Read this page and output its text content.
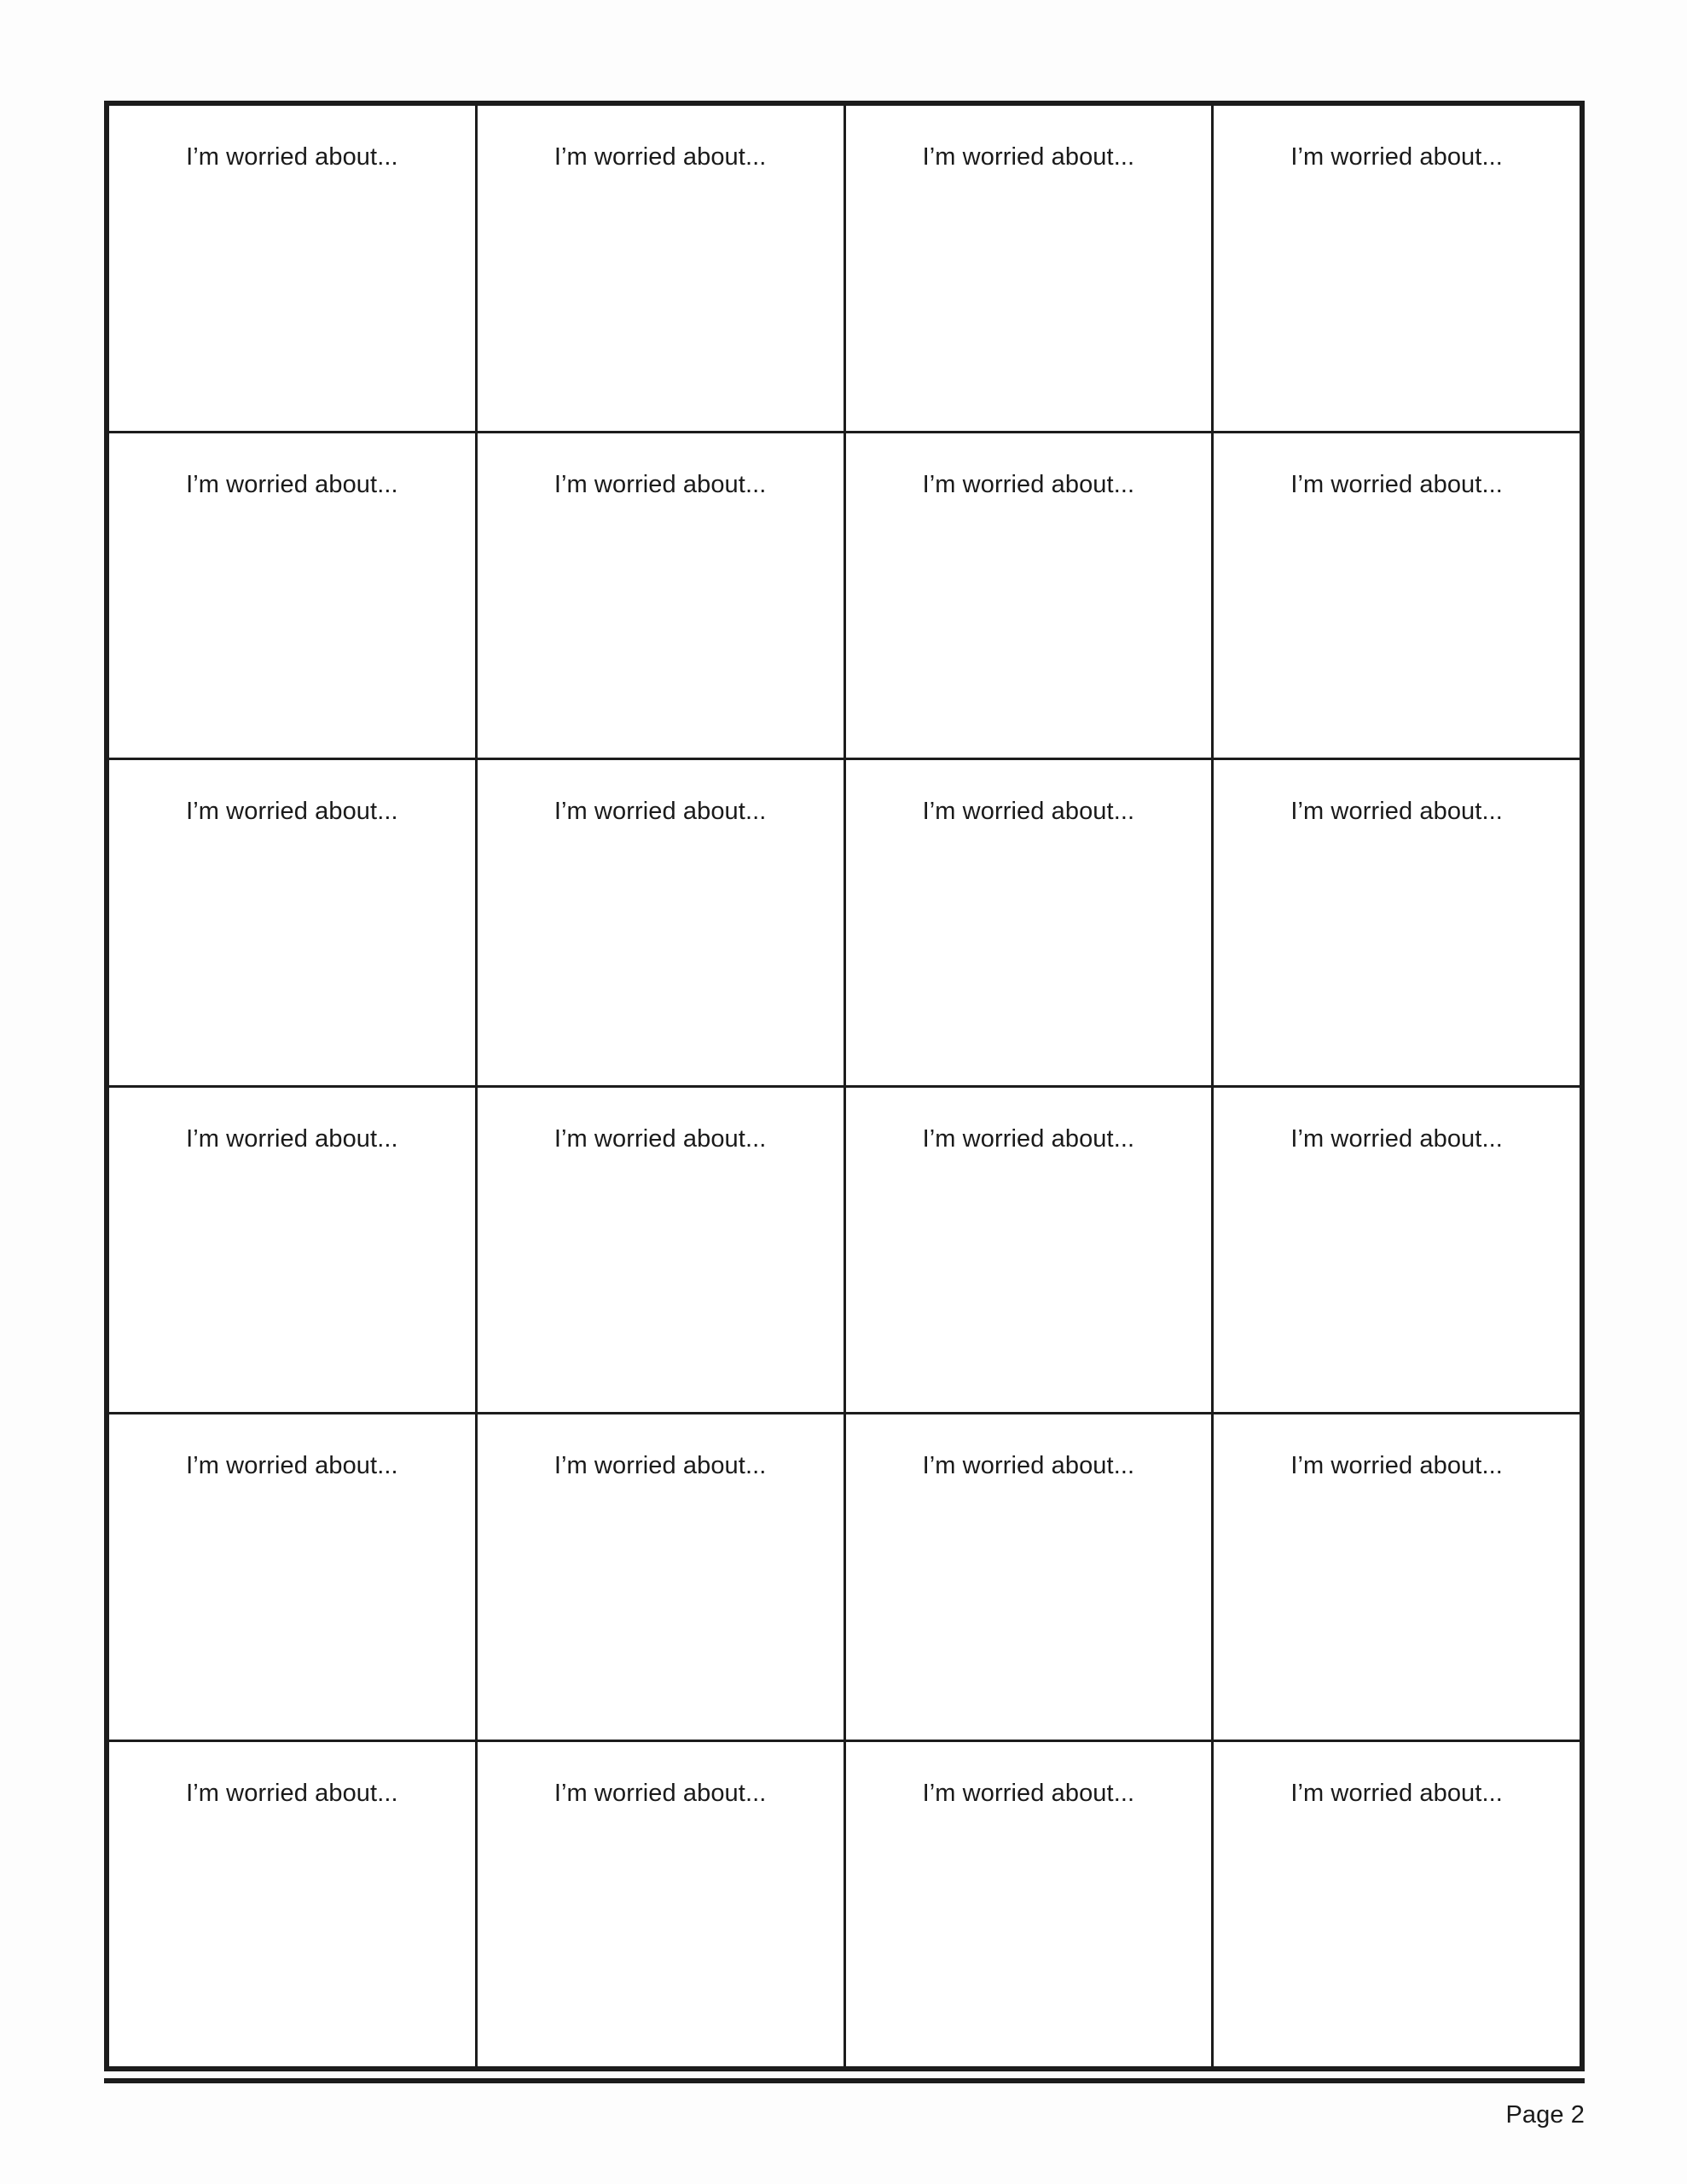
I’m worried about...	I’m worried about...	I’m worried about...	I’m worried about...
I’m worried about...	I’m worried about...	I’m worried about...	I’m worried about...
I’m worried about...	I’m worried about...	I’m worried about...	I’m worried about...
I’m worried about...	I’m worried about...	I’m worried about...	I’m worried about...
I’m worried about...	I’m worried about...	I’m worried about...	I’m worried about...
I’m worried about...	I’m worried about...	I’m worried about...	I’m worried about...
Page 2
